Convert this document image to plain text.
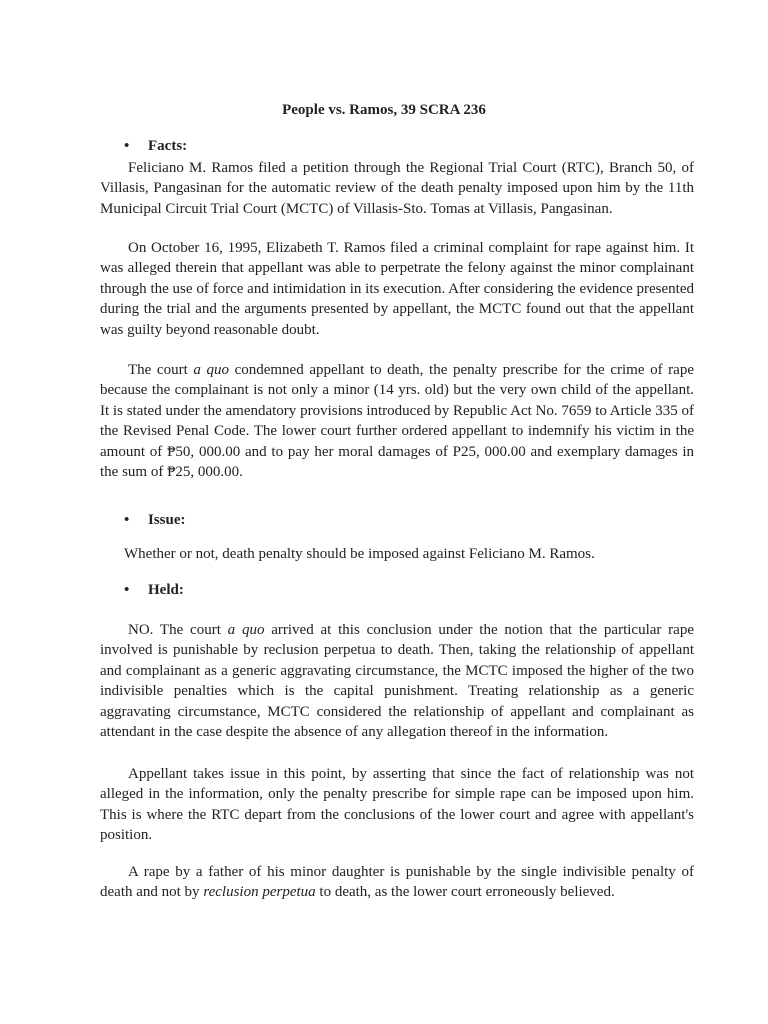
People vs. Ramos, 39 SCRA 236
•	Facts:

Feliciano M. Ramos filed a petition through the Regional Trial Court (RTC), Branch 50, of Villasis, Pangasinan for the automatic review of the death penalty imposed upon him by the 11th Municipal Circuit Trial Court (MCTC) of Villasis-Sto. Tomas at Villasis, Pangasinan.

On October 16, 1995, Elizabeth T. Ramos filed a criminal complaint for rape against him. It was alleged therein that appellant was able to perpetrate the felony against the minor complainant through the use of force and intimidation in its execution. After considering the evidence presented during the trial and the arguments presented by appellant, the MCTC found out that the appellant was guilty beyond reasonable doubt.

The court a quo condemned appellant to death, the penalty prescribe for the crime of rape because the complainant is not only a minor (14 yrs. old) but the very own child of the appellant. It is stated under the amendatory provisions introduced by Republic Act No. 7659 to Article 335 of the Revised Penal Code. The lower court further ordered appellant to indemnify his victim in the amount of ₱50, 000.00 and to pay her moral damages of P25, 000.00 and exemplary damages in the sum of ₱25, 000.00.

•	Issue:
Whether or not, death penalty should be imposed against Feliciano M. Ramos.
•	Held:

NO. The court a quo arrived at this conclusion under the notion that the particular rape involved is punishable by reclusion perpetua to death. Then, taking the relationship of appellant and complainant as a generic aggravating circumstance, the MCTC imposed the higher of the two indivisible penalties which is the capital punishment. Treating relationship as a generic aggravating circumstance, MCTC considered the relationship of appellant and complainant as attendant in the case despite the absence of any allegation thereof in the information.

Appellant takes issue in this point, by asserting that since the fact of relationship was not alleged in the information, only the penalty prescribe for simple rape can be imposed upon him. This is where the RTC depart from the conclusions of the lower court and agree with appellant's position.

A rape by a father of his minor daughter is punishable by the single indivisible penalty of death and not by reclusion perpetua to death, as the lower court erroneously believed.
